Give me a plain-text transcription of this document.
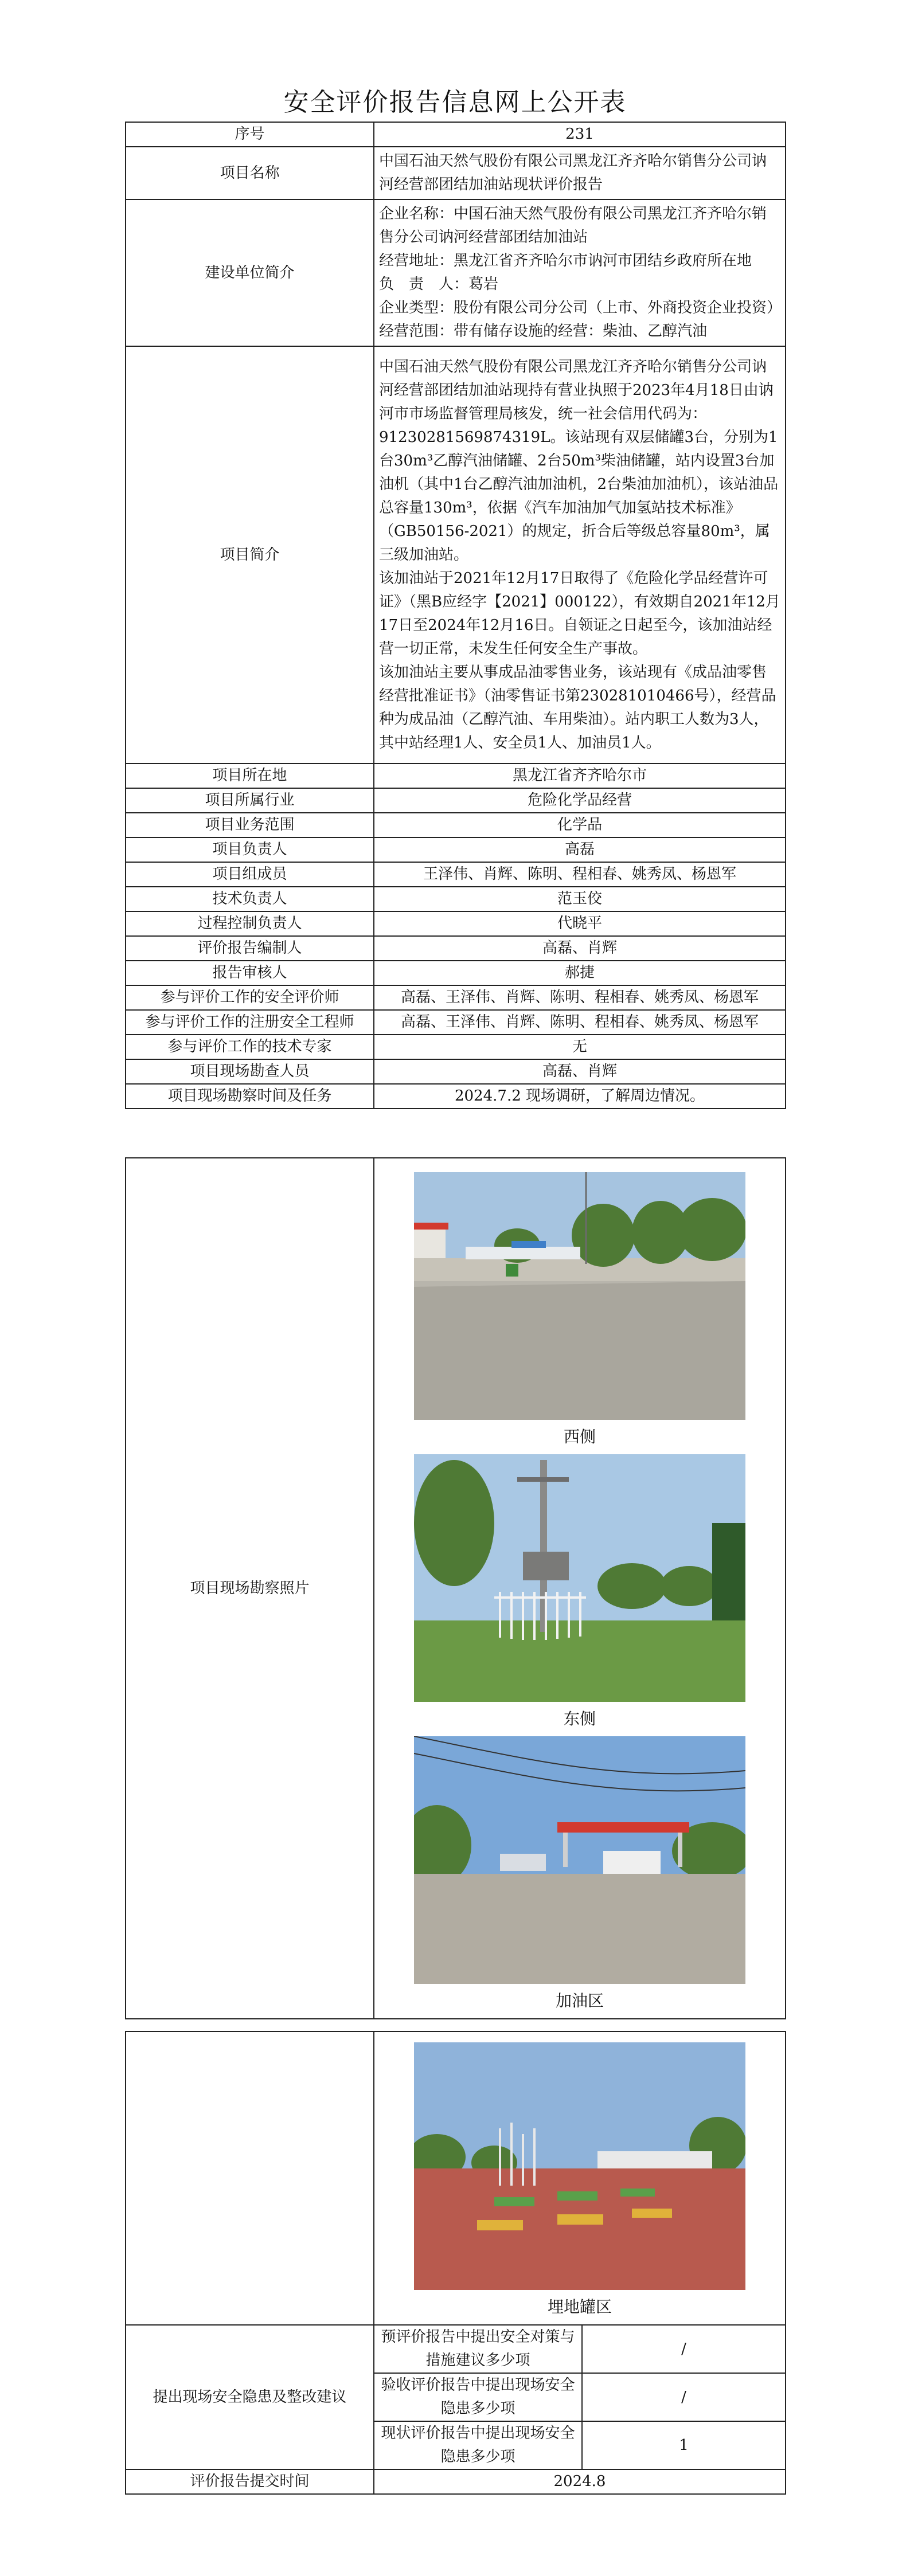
安全评价报告信息网上公开表
序号	231
项目名称	中国石油天然气股份有限公司黑龙江齐齐哈尔销售分公司讷河经营部团结加油站现状评价报告
建设单位简介	企业名称：中国石油天然气股份有限公司黑龙江齐齐哈尔销售分公司讷河经营部团结加油站

经营地址：黑龙江省齐齐哈尔市讷河市团结乡政府所在地

负　责　人：葛岩

企业类型：股份有限公司分公司（上市、外商投资企业投资）

经营范围：带有储存设施的经营：柴油、乙醇汽油

项目简介	中国石油天然气股份有限公司黑龙江齐齐哈尔销售分公司讷河经营部团结加油站现持有营业执照于2023年4月18日由讷河市市场监督管理局核发，统一社会信用代码为：91230281569874319L。该站现有双层储罐3台，分别为1台30m³乙醇汽油储罐、2台50m³柴油储罐，站内设置3台加油机（其中1台乙醇汽油加油机，2台柴油加油机），该站油品总容量130m³，依据《汽车加油加气加氢站技术标准》（GB50156-2021）的规定，折合后等级总容量80m³，属三级加油站。

该加油站于2021年12月17日取得了《危险化学品经营许可证》（黑B应经字【2021】000122），有效期自2021年12月17日至2024年12月16日。自领证之日起至今，该加油站经营一切正常，未发生任何安全生产事故。

该加油站主要从事成品油零售业务，该站现有《成品油零售经营批准证书》（油零售证书第230281010466号），经营品种为成品油（乙醇汽油、车用柴油）。站内职工人数为3人，其中站经理1人、安全员1人、加油员1人。

项目所在地	黑龙江省齐齐哈尔市
项目所属行业	危险化学品经营
项目业务范围	化学品
项目负责人	高磊
项目组成员	王泽伟、肖辉、陈明、程相春、姚秀凤、杨恩军
技术负责人	范玉佼
过程控制负责人	代晓平
评价报告编制人	高磊、肖辉
报告审核人	郝捷
参与评价工作的安全评价师	高磊、王泽伟、肖辉、陈明、程相春、姚秀凤、杨恩军
参与评价工作的注册安全工程师	高磊、王泽伟、肖辉、陈明、程相春、姚秀凤、杨恩军
参与评价工作的技术专家	无
项目现场勘查人员	高磊、肖辉
项目现场勘察时间及任务	2024.7.2 现场调研，了解周边情况。
项目现场勘察照片	
西侧
东侧
加油区

	埋地罐区	

提出现场安全隐患及整改建议	预评价报告中提出安全对策与措施建议多少项	/
	验收评价报告中提出现场安全隐患多少项	/
	现状评价报告中提出现场安全隐患多少项	1
评价报告提交时间	2024.8	
